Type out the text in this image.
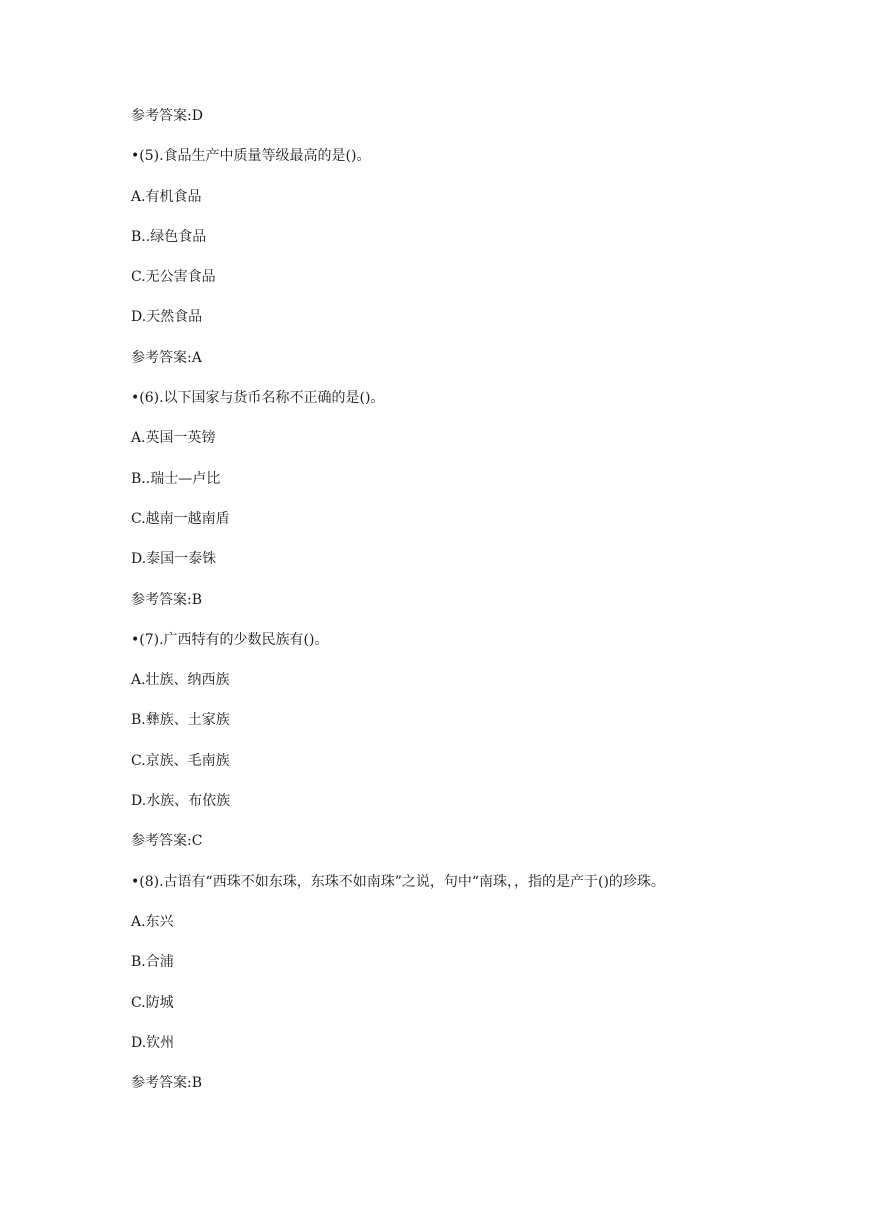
参考答案:D
•(5).食品生产中质量等级最高的是()。
A.有机食品
B..绿色食品
C.无公害食品
D.天然食品
参考答案:A
•(6).以下国家与货币名称不正确的是()。
A.英国一英镑
B..瑞士—卢比
C.越南一越南盾
D.泰国一泰铢
参考答案:B
•(7).广西特有的少数民族有()。
A.壮族、纳西族
B.彝族、土家族
C.京族、毛南族
D.水族、布依族
参考答案:C
•(8).古语有“西珠不如东珠，东珠不如南珠”之说，句中“南珠，，指的是产于()的珍珠。
A.东兴
B.合浦
C.防城
D.钦州
参考答案:B
